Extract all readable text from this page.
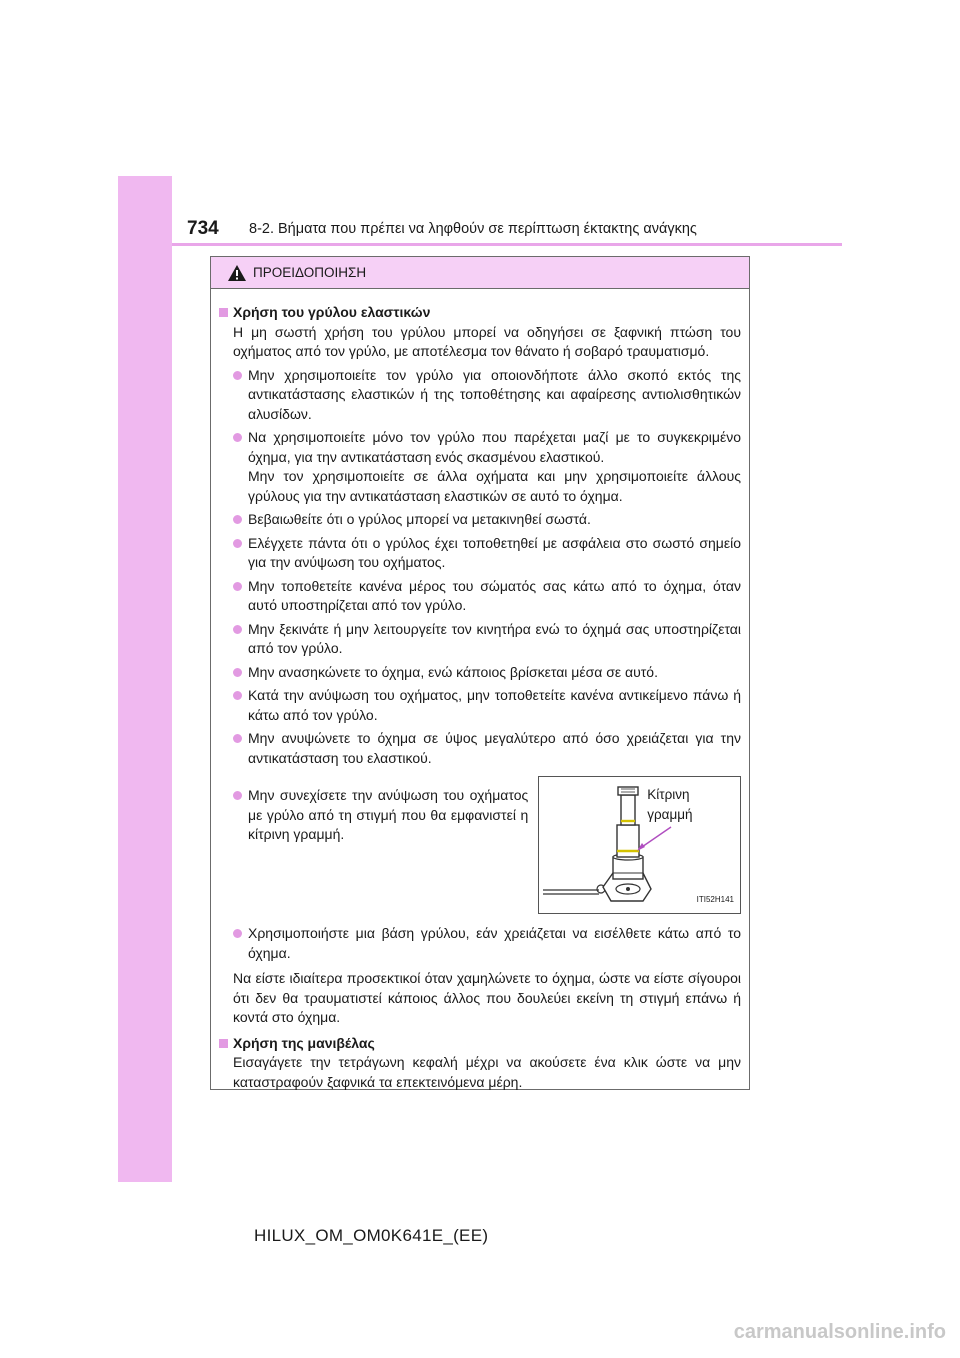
734 8-2. Βήματα που πρέπει να ληφθούν σε περίπτωση έκτακτης ανάγκης
ΠΡΟΕΙΔΟΠΟΙΗΣΗ
Χρήση του γρύλου ελαστικών
Η μη σωστή χρήση του γρύλου μπορεί να οδηγήσει σε ξαφνική πτώση του οχήματος από τον γρύλο, με αποτέλεσμα τον θάνατο ή σοβαρό τραυματισμό.
Μην χρησιμοποιείτε τον γρύλο για οποιονδήποτε άλλο σκοπό εκτός της αντικατάστασης ελαστικών ή της τοποθέτησης και αφαίρεσης αντιολισθητικών αλυσίδων.
Να χρησιμοποιείτε μόνο τον γρύλο που παρέχεται μαζί με το συγκεκριμένο όχημα, για την αντικατάσταση ενός σκασμένου ελαστικού.
Μην τον χρησιμοποιείτε σε άλλα οχήματα και μην χρησιμοποιείτε άλλους γρύλους για την αντικατάσταση ελαστικών σε αυτό το όχημα.
Βεβαιωθείτε ότι ο γρύλος μπορεί να μετακινηθεί σωστά.
Ελέγχετε πάντα ότι ο γρύλος έχει τοποθετηθεί με ασφάλεια στο σωστό σημείο για την ανύψωση του οχήματος.
Μην τοποθετείτε κανένα μέρος του σώματός σας κάτω από το όχημα, όταν αυτό υποστηρίζεται από τον γρύλο.
Μην ξεκινάτε ή μην λειτουργείτε τον κινητήρα ενώ το όχημά σας υποστηρίζεται από τον γρύλο.
Μην ανασηκώνετε το όχημα, ενώ κάποιος βρίσκεται μέσα σε αυτό.
Κατά την ανύψωση του οχήματος, μην τοποθετείτε κανένα αντικείμενο πάνω ή κάτω από τον γρύλο.
Μην ανυψώνετε το όχημα σε ύψος μεγαλύτερο από όσο χρειάζεται για την αντικατάσταση του ελαστικού.
Μην συνεχίσετε την ανύψωση του οχήματος με γρύλο από τη στιγμή που θα εμφανιστεί η κίτρινη γραμμή.
Κίτρινη
γραμμή
ITI52H141
Χρησιμοποιήστε μια βάση γρύλου, εάν χρειάζεται να εισέλθετε κάτω από το όχημα.
Να είστε ιδιαίτερα προσεκτικοί όταν χαμηλώνετε το όχημα, ώστε να είστε σίγουροι ότι δεν θα τραυματιστεί κάποιος άλλος που δουλεύει εκείνη τη στιγμή επάνω ή κοντά στο όχημα.
Χρήση της μανιβέλας
Εισαγάγετε την τετράγωνη κεφαλή μέχρι να ακούσετε ένα κλικ ώστε να μην καταστραφούν ξαφνικά τα επεκτεινόμενα μέρη.
HILUX_OM_OM0K641E_(EE)
carmanualsonline.info
